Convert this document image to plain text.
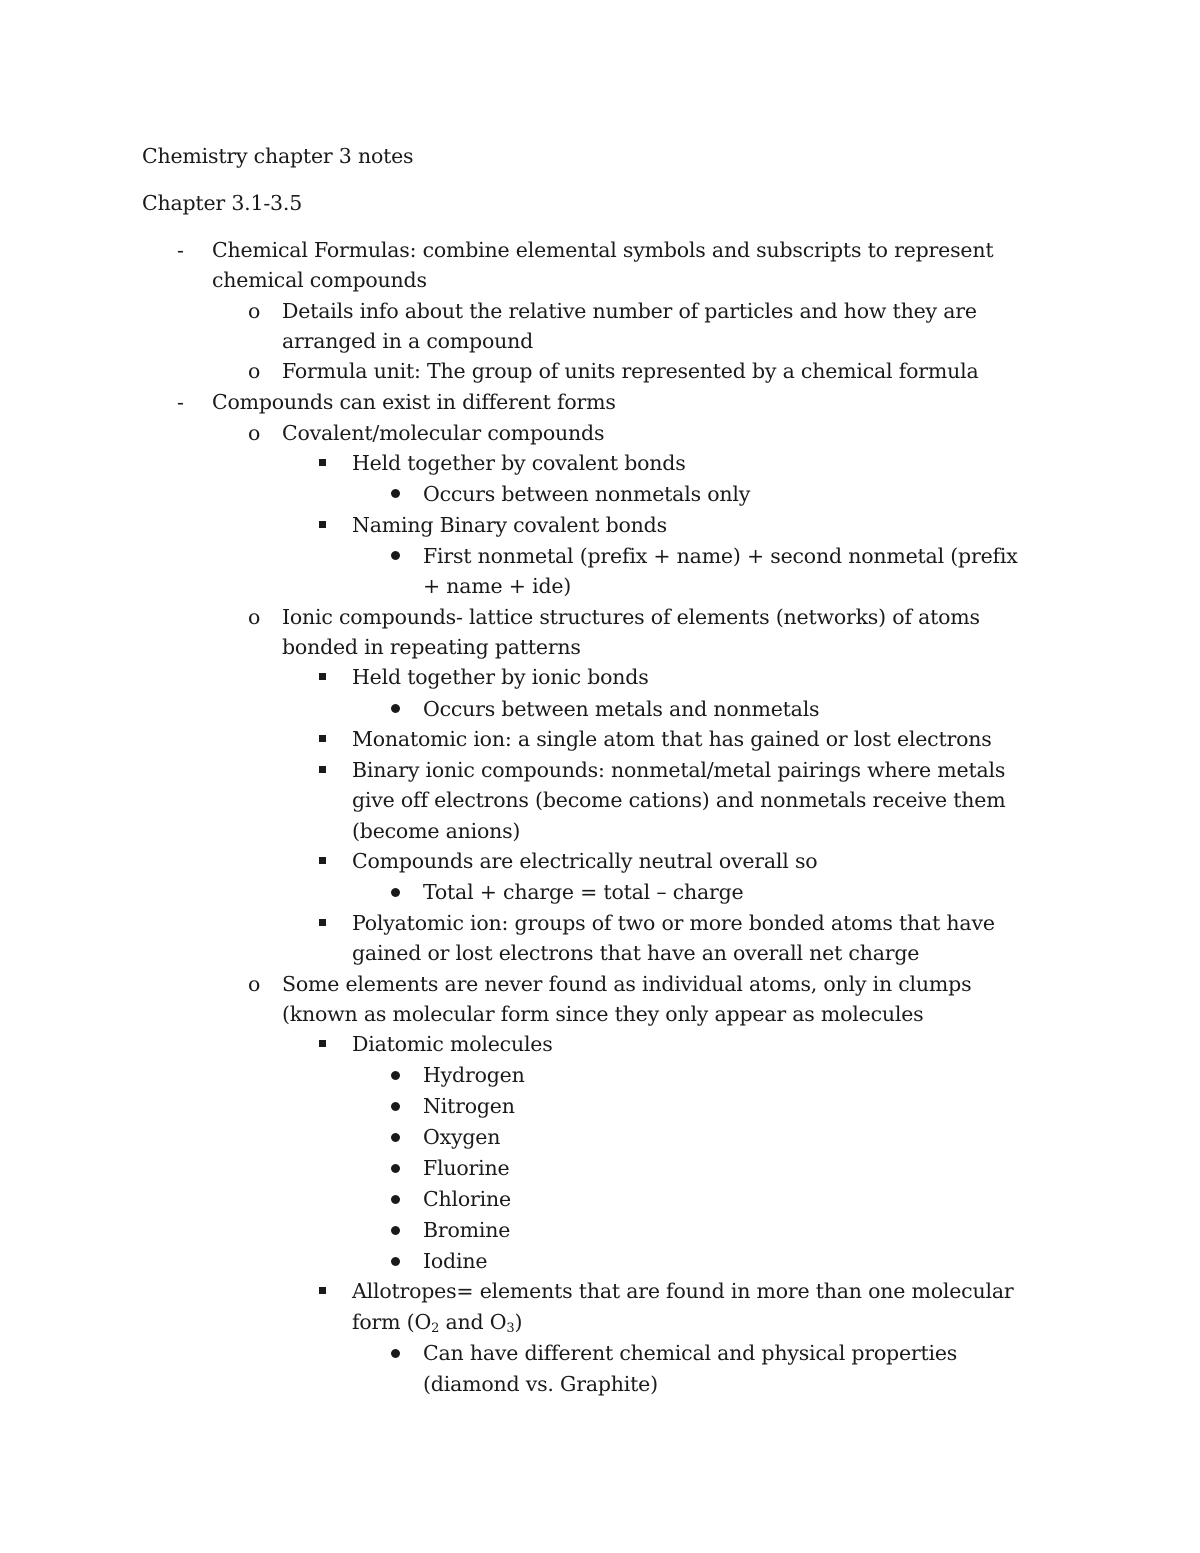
Chemistry chapter 3 notes
Chapter 3.1-3.5
- Chemical Formulas: combine elemental symbols and subscripts to represent
chemical compounds
o Details info about the relative number of particles and how they are
arranged in a compound
o Formula unit: The group of units represented by a chemical formula
- Compounds can exist in different forms
o Covalent/molecular compounds
Held together by covalent bonds
Occurs between nonmetals only
Naming Binary covalent bonds
First nonmetal (prefix + name) + second nonmetal (prefix
+ name + ide)
o Ionic compounds- lattice structures of elements (networks) of atoms
bonded in repeating patterns
Held together by ionic bonds
Occurs between metals and nonmetals
Monatomic ion: a single atom that has gained or lost electrons
Binary ionic compounds: nonmetal/metal pairings where metals
give off electrons (become cations) and nonmetals receive them
(become anions)
Compounds are electrically neutral overall so
Total + charge = total – charge
Polyatomic ion: groups of two or more bonded atoms that have
gained or lost electrons that have an overall net charge
o Some elements are never found as individual atoms, only in clumps
(known as molecular form since they only appear as molecules
Diatomic molecules
Hydrogen
Nitrogen
Oxygen
Fluorine
Chlorine
Bromine
Iodine
Allotropes= elements that are found in more than one molecular
form ($O_2$ and $O_3$)
Can have different chemical and physical properties
(diamond vs. Graphite)
